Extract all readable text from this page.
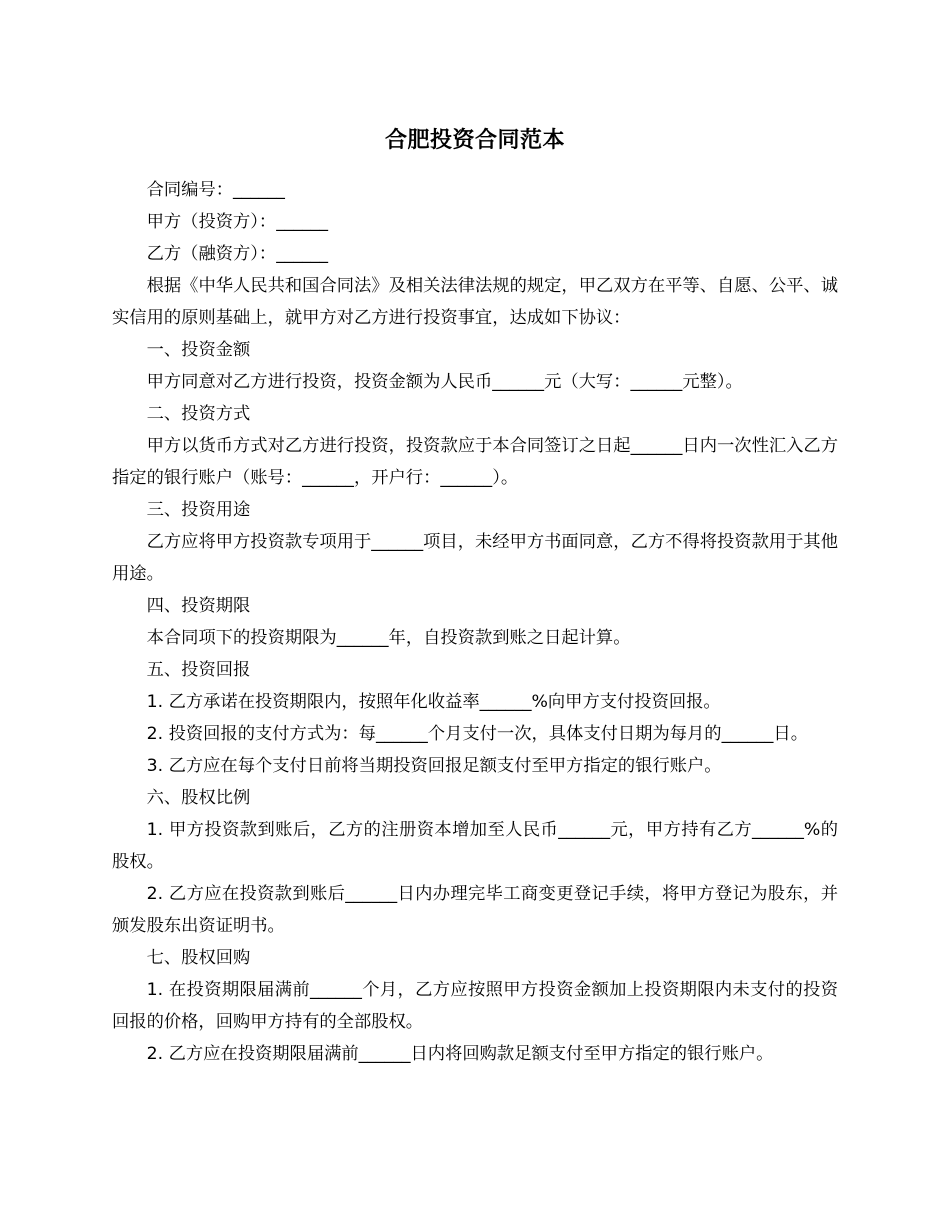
合肥投资合同范本

合同编号：______

甲方（投资方）：______

乙方（融资方）：______

根据《中华人民共和国合同法》及相关法律法规的规定，甲乙双方在平等、自愿、公平、诚实信用的原则基础上，就甲方对乙方进行投资事宜，达成如下协议：

一、投资金额

甲方同意对乙方进行投资，投资金额为人民币______元（大写：______元整）。

二、投资方式

甲方以货币方式对乙方进行投资，投资款应于本合同签订之日起______日内一次性汇入乙方指定的银行账户（账号：______，开户行：______）。

三、投资用途

乙方应将甲方投资款专项用于______项目，未经甲方书面同意，乙方不得将投资款用于其他用途。

四、投资期限

本合同项下的投资期限为______年，自投资款到账之日起计算。

五、投资回报

1. 乙方承诺在投资期限内，按照年化收益率______%向甲方支付投资回报。

2. 投资回报的支付方式为：每______个月支付一次，具体支付日期为每月的______日。

3. 乙方应在每个支付日前将当期投资回报足额支付至甲方指定的银行账户。

六、股权比例

1. 甲方投资款到账后，乙方的注册资本增加至人民币______元，甲方持有乙方______%的股权。

2. 乙方应在投资款到账后______日内办理完毕工商变更登记手续，将甲方登记为股东，并颁发股东出资证明书。

七、股权回购

1. 在投资期限届满前______个月，乙方应按照甲方投资金额加上投资期限内未支付的投资回报的价格，回购甲方持有的全部股权。

2. 乙方应在投资期限届满前______日内将回购款足额支付至甲方指定的银行账户。
